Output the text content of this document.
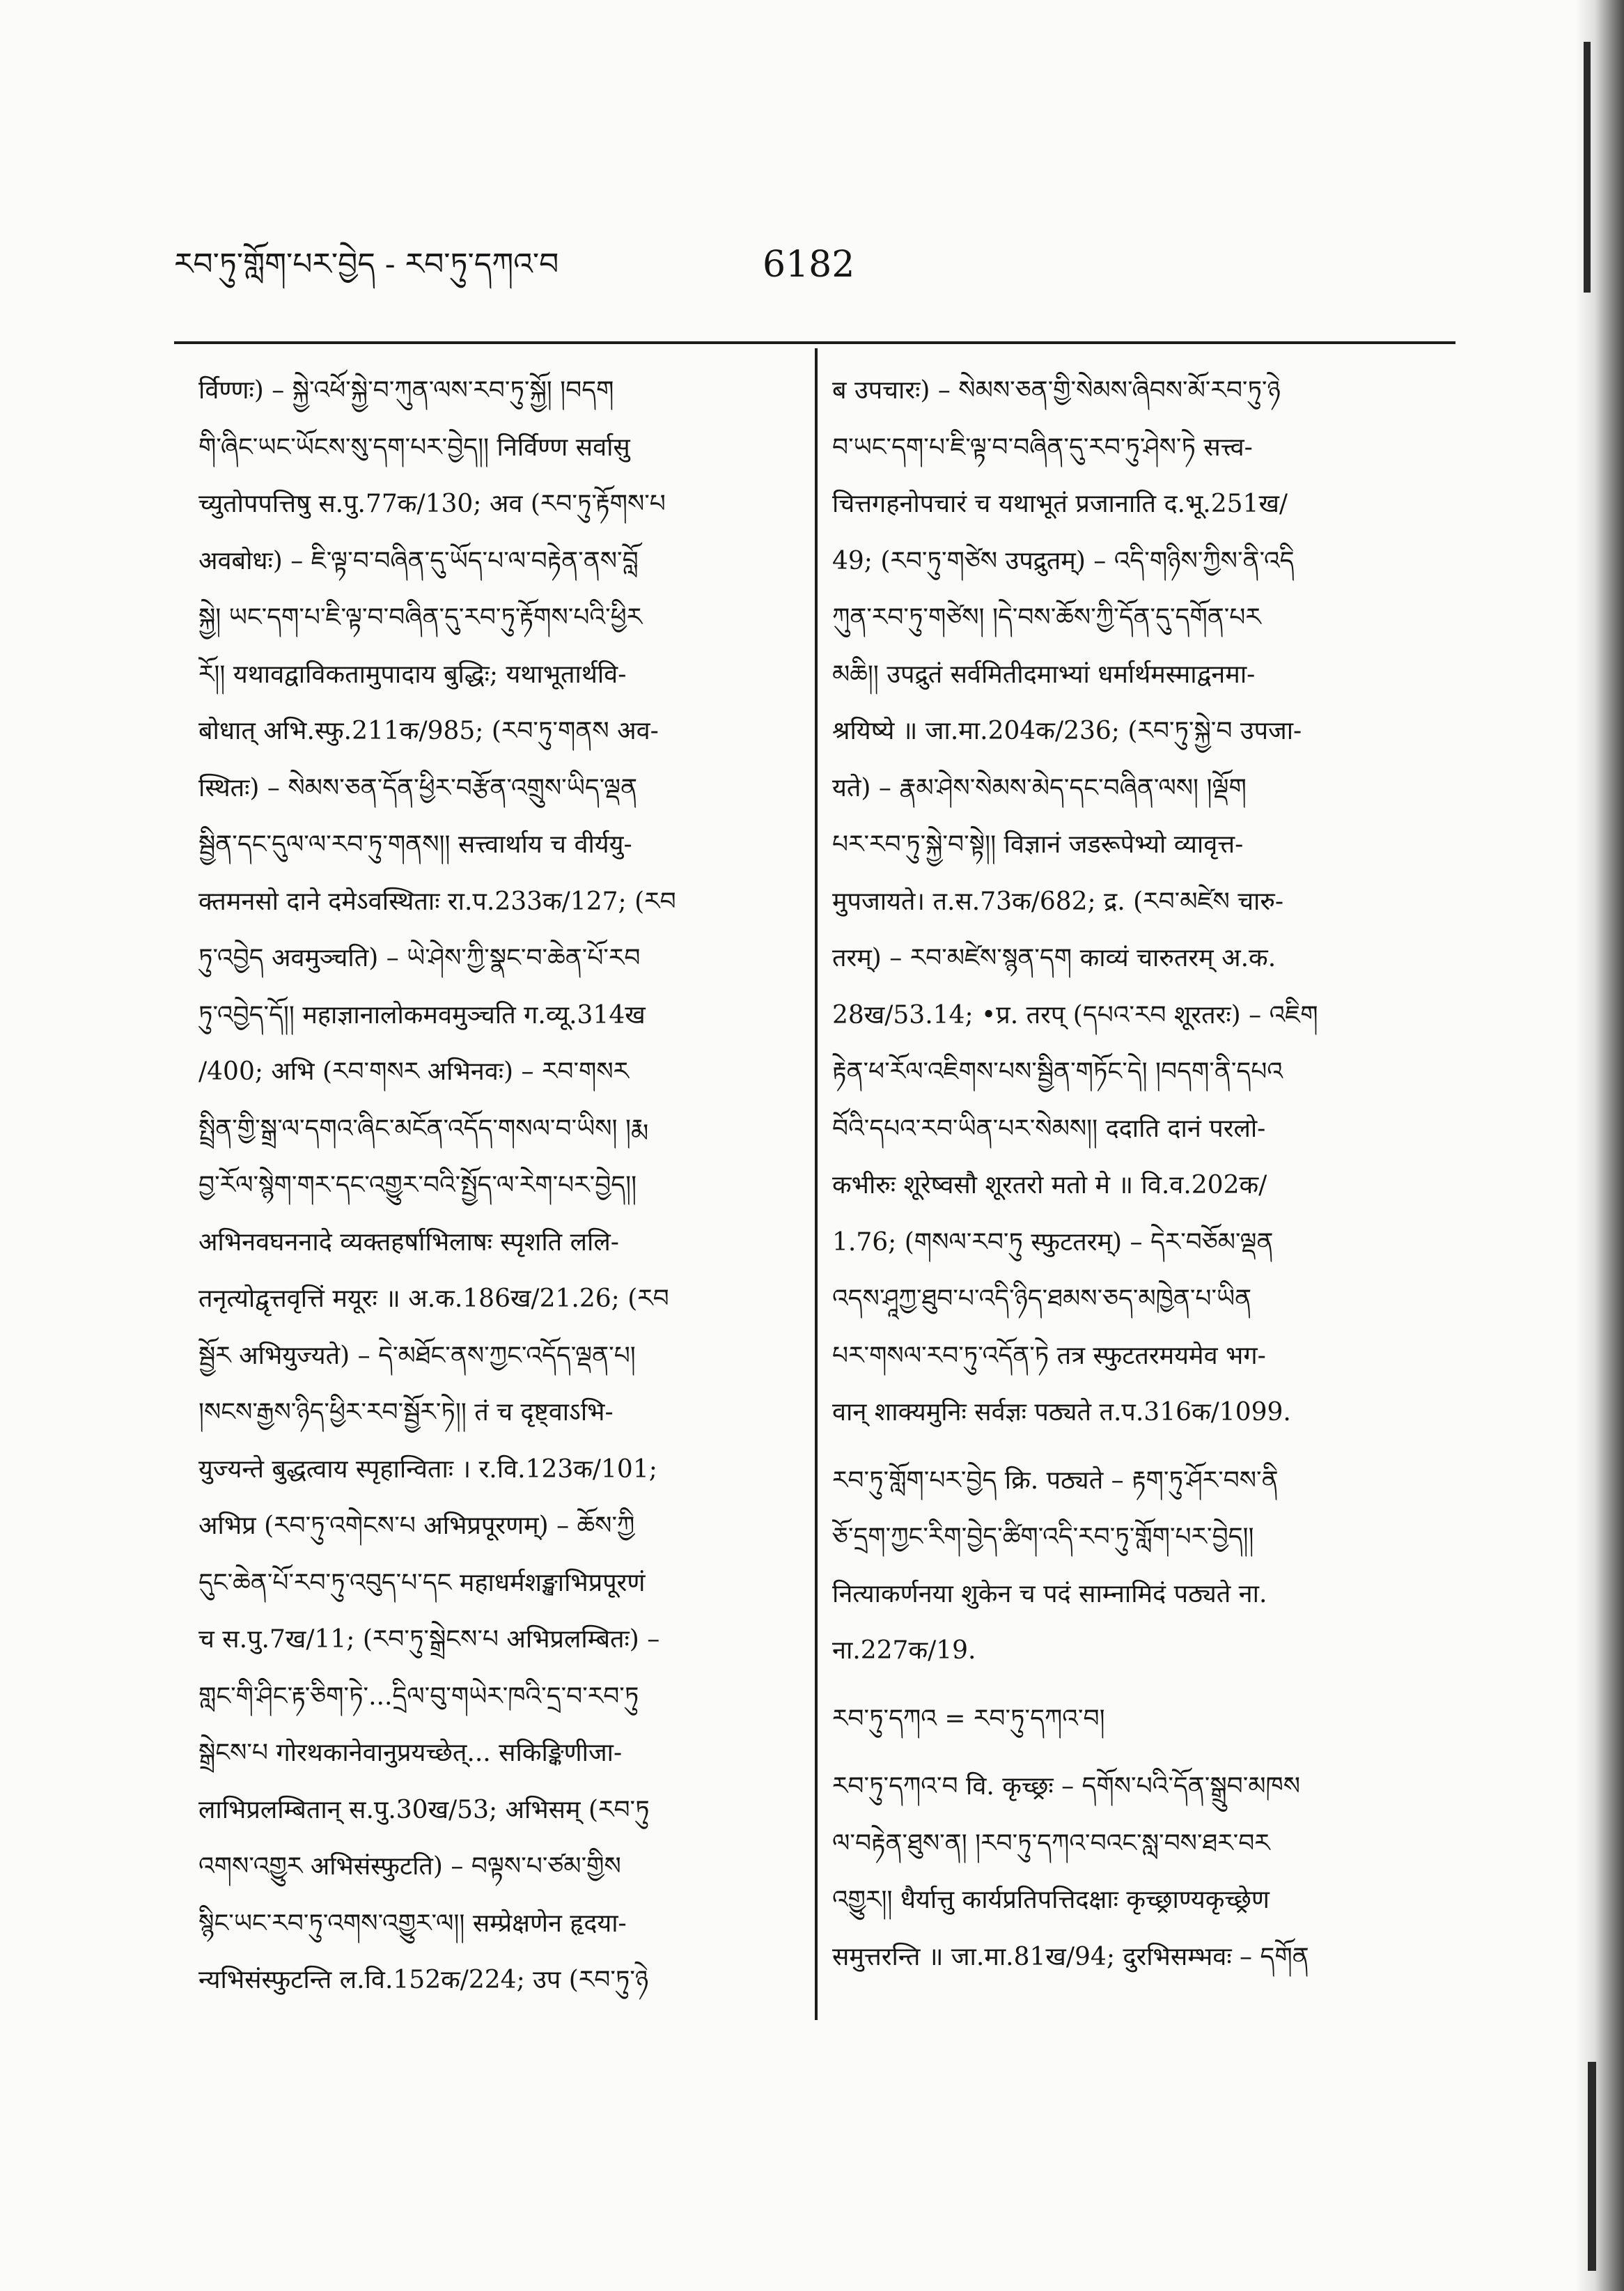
རབ་ཏུ་གློག་པར་བྱེད - རབ་ཏུ་དཀའ་བ	6182
र्विण्णः) – སྐྱེ་འཕོ་སྐྱེ་བ་ཀུན་ལས་རབ་ཏུ་སྐྱོ། །བདག
གི་ཞིང་ཡང་ཡོངས་སུ་དག་པར་བྱེད།། निर्विण्ण सर्वासु
च्युतोपपत्तिषु स.पु.77क/130; अव (རབ་ཏུ་རྟོགས་པ
अवबोधः) – ཇི་ལྟ་བ་བཞིན་དུ་ཡོད་པ་ལ་བརྟེན་ནས་བློ
སྐྱེ། ཡང་དག་པ་ཇི་ལྟ་བ་བཞིན་དུ་རབ་ཏུ་རྟོགས་པའི་ཕྱིར
རོ།། यथावद्वाविकतामुपादाय बुद्धिः; यथाभूतार्थवि-
बोधात् अभि.स्फु.211क/985; (རབ་ཏུ་གནས अव-
स्थितः) – སེམས་ཅན་དོན་ཕྱིར་བརྩོན་འགྲུས་ཡིད་ལྡན
སྦྱིན་དང་དུལ་ལ་རབ་ཏུ་གནས།། सत्त्वार्थाय च वीर्ययु-
क्तमनसो दाने दमेऽवस्थिताः रा.प.233क/127; (རབ
ཏུ་འབྱེད अवमुञ्चति) – ཡེ་ཤེས་ཀྱི་སྣང་བ་ཆེན་པོ་རབ
ཏུ་འབྱེད་དོ།། महाज्ञानालोकमवमुञ्चति ग.व्यू.314ख
/400; अभि (རབ་གསར अभिनवः) – རབ་གསར
སྤྲིན་གྱི་སྒྲ་ལ་དགའ་ཞིང་མངོན་འདོད་གསལ་བ་ཡིས། །རྨ
བྱ་རོལ་སྙེག་གར་དང་འགྱུར་བའི་སྤྱོད་ལ་རེག་པར་བྱེད།།
अभिनवघननादे व्यक्तहर्षाभिलाषः स्पृशति ललि-
तनृत्योद्वृत्तवृत्तिं मयूरः ॥ अ.क.186ख/21.26; (རབ
སྦྱོར अभियुज्यते) – དེ་མཐོང་ནས་ཀྱང་འདོད་ལྡན་པ།
།སངས་རྒྱས་ཉིད་ཕྱིར་རབ་སྦྱོར་ཏེ།། तं च दृष्ट्वाऽभि-
युज्यन्ते बुद्धत्वाय स्पृहान्विताः । र.वि.123क/101;
अभिप्र (རབ་ཏུ་འགེངས་པ अभिप्रपूरणम्) – ཆོས་ཀྱི
དུང་ཆེན་པོ་རབ་ཏུ་འབུད་པ་དང महाधर्मशङ्खाभिप्रपूरणं
च स.पु.7ख/11; (རབ་ཏུ་སྒྲེངས་པ अभिप्रलम्बितः) –
གླང་གི་ཤིང་རྟ་ཅིག་ཏེ་...དྲིལ་བུ་གཡེར་ཁའི་དྲ་བ་རབ་ཏུ
སྒྲེངས་པ गोरथकानेवानुप्रयच्छेत्... सकिङ्किणीजा-
लाभिप्रलम्बितान् स.पु.30ख/53; अभिसम् (རབ་ཏུ
འགས་འགྱུར अभिसंस्फुटति) – བལྟས་པ་ཙམ་གྱིས
སྙིང་ཡང་རབ་ཏུ་འགས་འགྱུར་ལ།། सम्प्रेक्षणेन हृदया-
न्यभिसंस्फुटन्ति ल.वि.152क/224; उप (རབ་ཏུ་ཉེ
ब उपचारः) – སེམས་ཅན་གྱི་སེམས་ཞིབས་མོ་རབ་ཏུ་ཉེ
བ་ཡང་དག་པ་ཇི་ལྟ་བ་བཞིན་དུ་རབ་ཏུ་ཤེས་ཏེ सत्त्व-
चित्तगहनोपचारं च यथाभूतं प्रजानाति द.भू.251ख/
49; (རབ་ཏུ་གཙེས उपद्रुतम्) – འདི་གཉིས་ཀྱིས་ནི་འདི
ཀུན་རབ་ཏུ་གཙེས། །དེ་བས་ཆོས་ཀྱི་དོན་དུ་དགོན་པར
མཆི།། उपद्रुतं सर्वमितीदमाभ्यां धर्मार्थमस्माद्वनमा-
श्रयिष्ये ॥ जा.मा.204क/236; (རབ་ཏུ་སྐྱེ་བ उपजा-
यते) – རྣམ་ཤེས་སེམས་མེད་དང་བཞིན་ལས། །ལྡོག
པར་རབ་ཏུ་སྐྱེ་བ་སྟེ།། विज्ञानं जडरूपेभ्यो व्यावृत्त-
मुपजायते। त.स.73क/682; द्र. (རབ་མཛེས चारु-
तरम्) – རབ་མཛེས་སྙན་དག काव्यं चारुतरम् अ.क.
28ख/53.14; •प्र. तरप् (དཔའ་རབ शूरतरः) – འཇིག
རྟེན་ཕ་རོལ་འཇིགས་པས་སྦྱིན་གཏོང་དེ། །བདག་ནི་དཔའ
བོའི་དཔའ་རབ་ཡིན་པར་སེམས།། ददाति दानं परलो-
कभीरुः शूरेष्वसौ शूरतरो मतो मे ॥ वि.व.202क/
1.76; (གསལ་རབ་ཏུ स्फुटतरम्) – དེར་བཅོམ་ལྡན
འདས་ཤཱཀྱ་ཐུབ་པ་འདི་ཉིད་ཐམས་ཅད་མཁྱེན་པ་ཡིན
པར་གསལ་རབ་ཏུ་འདོན་ཏེ तत्र स्फुटतरमयमेव भग-
वान् शाक्यमुनिः सर्वज्ञः पठ्यते त.प.316क/1099.
རབ་ཏུ་གློག་པར་བྱེད क्रि. पठ्यते – རྟག་ཏུ་ཤོར་བས་ནི
ཅོ་དྲག་ཀྱང་རིག་བྱེད་ཚིག་འདི་རབ་ཏུ་གློག་པར་བྱེད།།
नित्याकर्णनया शुकेन च पदं साम्नामिदं पठ्यते ना.
ना.227क/19.
རབ་ཏུ་དཀའ = རབ་ཏུ་དཀའ་བ།
རབ་ཏུ་དཀའ་བ वि. कृच्छ्रः – དགོས་པའི་དོན་སྒྲུབ་མཁས
ལ་བརྟེན་ཐུས་ན། །རབ་ཏུ་དཀའ་བའང་སླ་བས་ཐར་བར
འགྱུར།། धैर्यात्तु कार्यप्रतिपत्तिदक्षाः कृच्छ्राण्यकृच्छ्रेण
समुत्तरन्ति ॥ जा.मा.81ख/94; दुरभिसम्भवः – དགོན
